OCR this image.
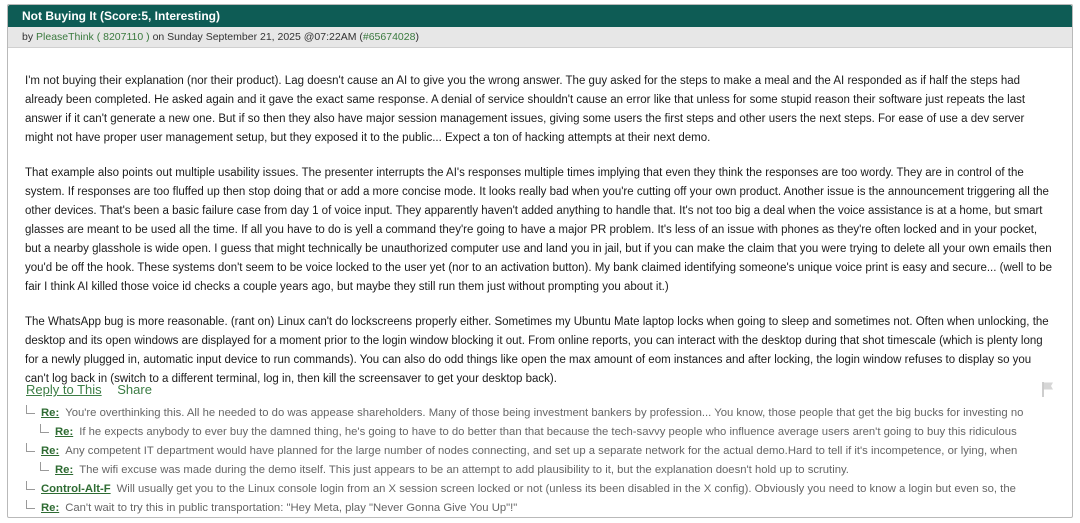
Not Buying It (Score:5, Interesting)
by PleaseThink ( 8207110 ) on Sunday September 21, 2025 @07:22AM (#65674028)

I'm not buying their explanation (nor their product). Lag doesn't cause an AI to give you the wrong answer. The guy asked for the steps to make a meal and the AI responded as if half the steps had already been completed. He asked again and it gave the exact same response. A denial of service shouldn't cause an error like that unless for some stupid reason their software just repeats the last answer if it can't generate a new one. But if so then they also have major session management issues, giving some users the first steps and other users the next steps. For ease of use a dev server might not have proper user management setup, but they exposed it to the public... Expect a ton of hacking attempts at their next demo.

That example also points out multiple usability issues. The presenter interrupts the AI's responses multiple times implying that even they think the responses are too wordy. They are in control of the system. If responses are too fluffed up then stop doing that or add a more concise mode. It looks really bad when you're cutting off your own product. Another issue is the announcement triggering all the other devices. That's been a basic failure case from day 1 of voice input. They apparently haven't added anything to handle that. It's not too big a deal when the voice assistance is at a home, but smart glasses are meant to be used all the time. If all you have to do is yell a command they're going to have a major PR problem. It's less of an issue with phones as they're often locked and in your pocket, but a nearby glasshole is wide open. I guess that might technically be unauthorized computer use and land you in jail, but if you can make the claim that you were trying to delete all your own emails then you'd be off the hook. These systems don't seem to be voice locked to the user yet (nor to an activation button). My bank claimed identifying someone's unique voice print is easy and secure... (well to be fair I think AI killed those voice id checks a couple years ago, but maybe they still run them just without prompting you about it.)

The WhatsApp bug is more reasonable. (rant on) Linux can't do lockscreens properly either. Sometimes my Ubuntu Mate laptop locks when going to sleep and sometimes not. Often when unlocking, the desktop and its open windows are displayed for a moment prior to the login window blocking it out. From online reports, you can interact with the desktop during that shot timescale (which is plenty long for a newly plugged in, automatic input device to run commands). You can also do odd things like open the max amount of eom instances and after locking, the login window refuses to display so you can't log back in (switch to a different terminal, log in, then kill the screensaver to get your desktop back).

Reply to This Share
Re: You're overthinking this. All he needed to do was appease shareholders. Many of those being investment bankers by profession... You know, those people that get the big bucks for investing no
Re: If he expects anybody to ever buy the damned thing, he's going to have to do better than that because the tech-savvy people who influence average users aren't going to buy this ridiculous
Re: Any competent IT department would have planned for the large number of nodes connecting, and set up a separate network for the actual demo.Hard to tell if it's incompetence, or lying, when
Re: The wifi excuse was made during the demo itself. This just appears to be an attempt to add plausibility to it, but the explanation doesn't hold up to scrutiny.
Control-Alt-F Will usually get you to the Linux console login from an X session screen locked or not (unless its been disabled in the X config). Obviously you need to know a login but even so, the
Re: Can't wait to try this in public transportation: "Hey Meta, play "Never Gonna Give You Up"!"
